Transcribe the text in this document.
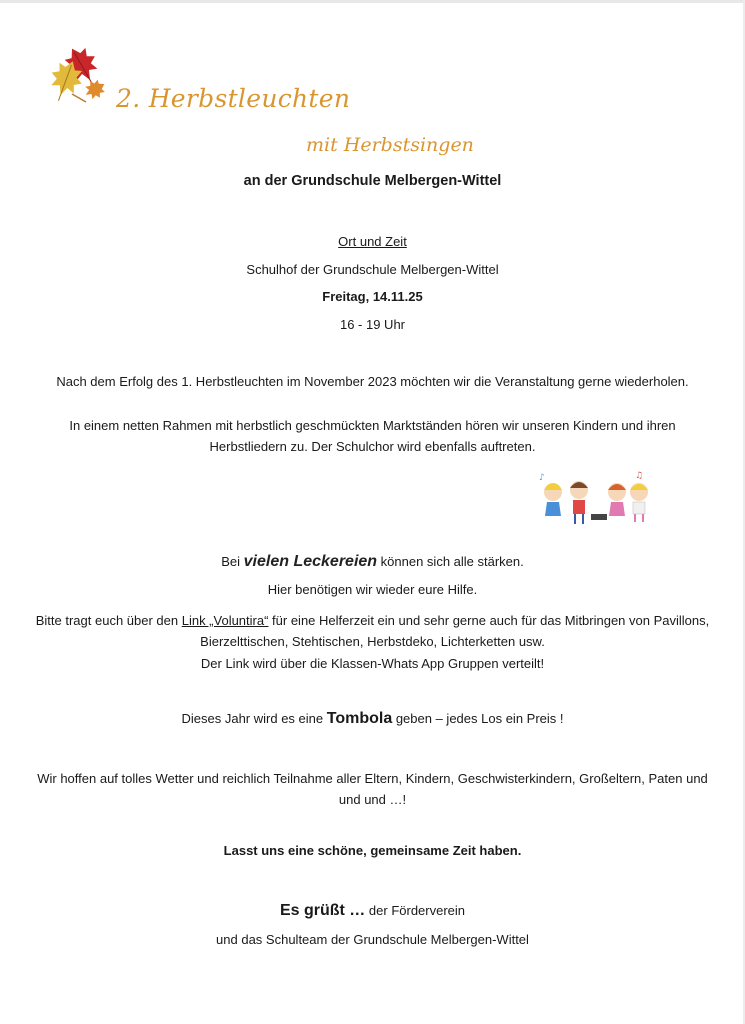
2. Herbstleuchten
mit Herbstsingen
an der Grundschule Melbergen-Wittel
Ort und Zeit
Schulhof der Grundschule Melbergen-Wittel
Freitag, 14.11.25
16 - 19 Uhr
Nach dem Erfolg des 1. Herbstleuchten im November 2023 möchten wir die Veranstaltung gerne wiederholen.
In einem netten Rahmen mit herbstlich geschmückten Marktständen hören wir unseren Kindern und ihren Herbstliedern zu. Der Schulchor wird ebenfalls auftreten.
♪	♫
Bei vielen Leckereien können sich alle stärken.
Hier benötigen wir wieder eure Hilfe.
Bitte tragt euch über den Link „Voluntira“ für eine Helferzeit ein und sehr gerne auch für das Mitbringen von Pavillons, Bierzelttischen, Stehtischen, Herbstdeko, Lichterketten usw.
Der Link wird über die Klassen-Whats App Gruppen verteilt!
Dieses Jahr wird es eine Tombola geben – jedes Los ein Preis !
Wir hoffen auf tolles Wetter und reichlich Teilnahme aller Eltern, Kindern, Geschwisterkindern, Großeltern, Paten und und und …!
Lasst uns eine schöne, gemeinsame Zeit haben.
Es grüßt … der Förderverein
und das Schulteam der Grundschule Melbergen-Wittel
